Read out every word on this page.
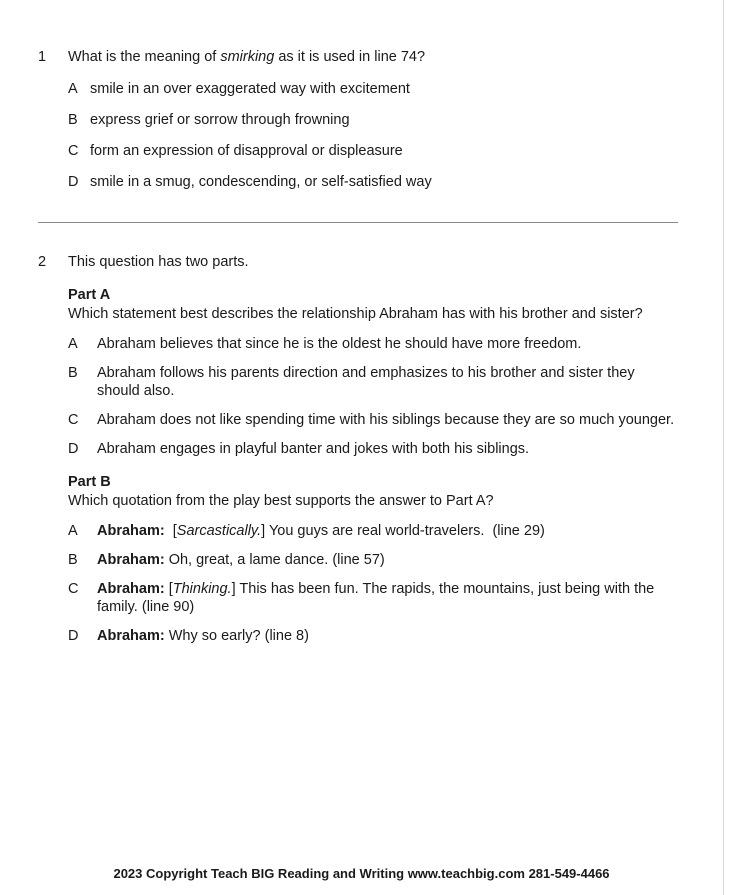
1	What is the meaning of smirking as it is used in line 74?
A smile in an over exaggerated way with excitement
B express grief or sorrow through frowning
C form an expression of disapproval or displeasure
D smile in a smug, condescending, or self-satisfied way
2	This question has two parts.
Part A
Which statement best describes the relationship Abraham has with his brother and sister?
A	Abraham believes that since he is the oldest he should have more freedom.
B	Abraham follows his parents direction and emphasizes to his brother and sister they should also.
C	Abraham does not like spending time with his siblings because they are so much younger.
D	Abraham engages in playful banter and jokes with both his siblings.
Part B
Which quotation from the play best supports the answer to Part A?
A	Abraham: [Sarcastically.] You guys are real world-travelers. (line 29)
B	Abraham: Oh, great, a lame dance. (line 57)
C	Abraham: [Thinking.] This has been fun. The rapids, the mountains, just being with the family. (line 90)
D	Abraham: Why so early? (line 8)
2023 Copyright Teach BIG Reading and Writing www.teachbig.com 281-549-4466
